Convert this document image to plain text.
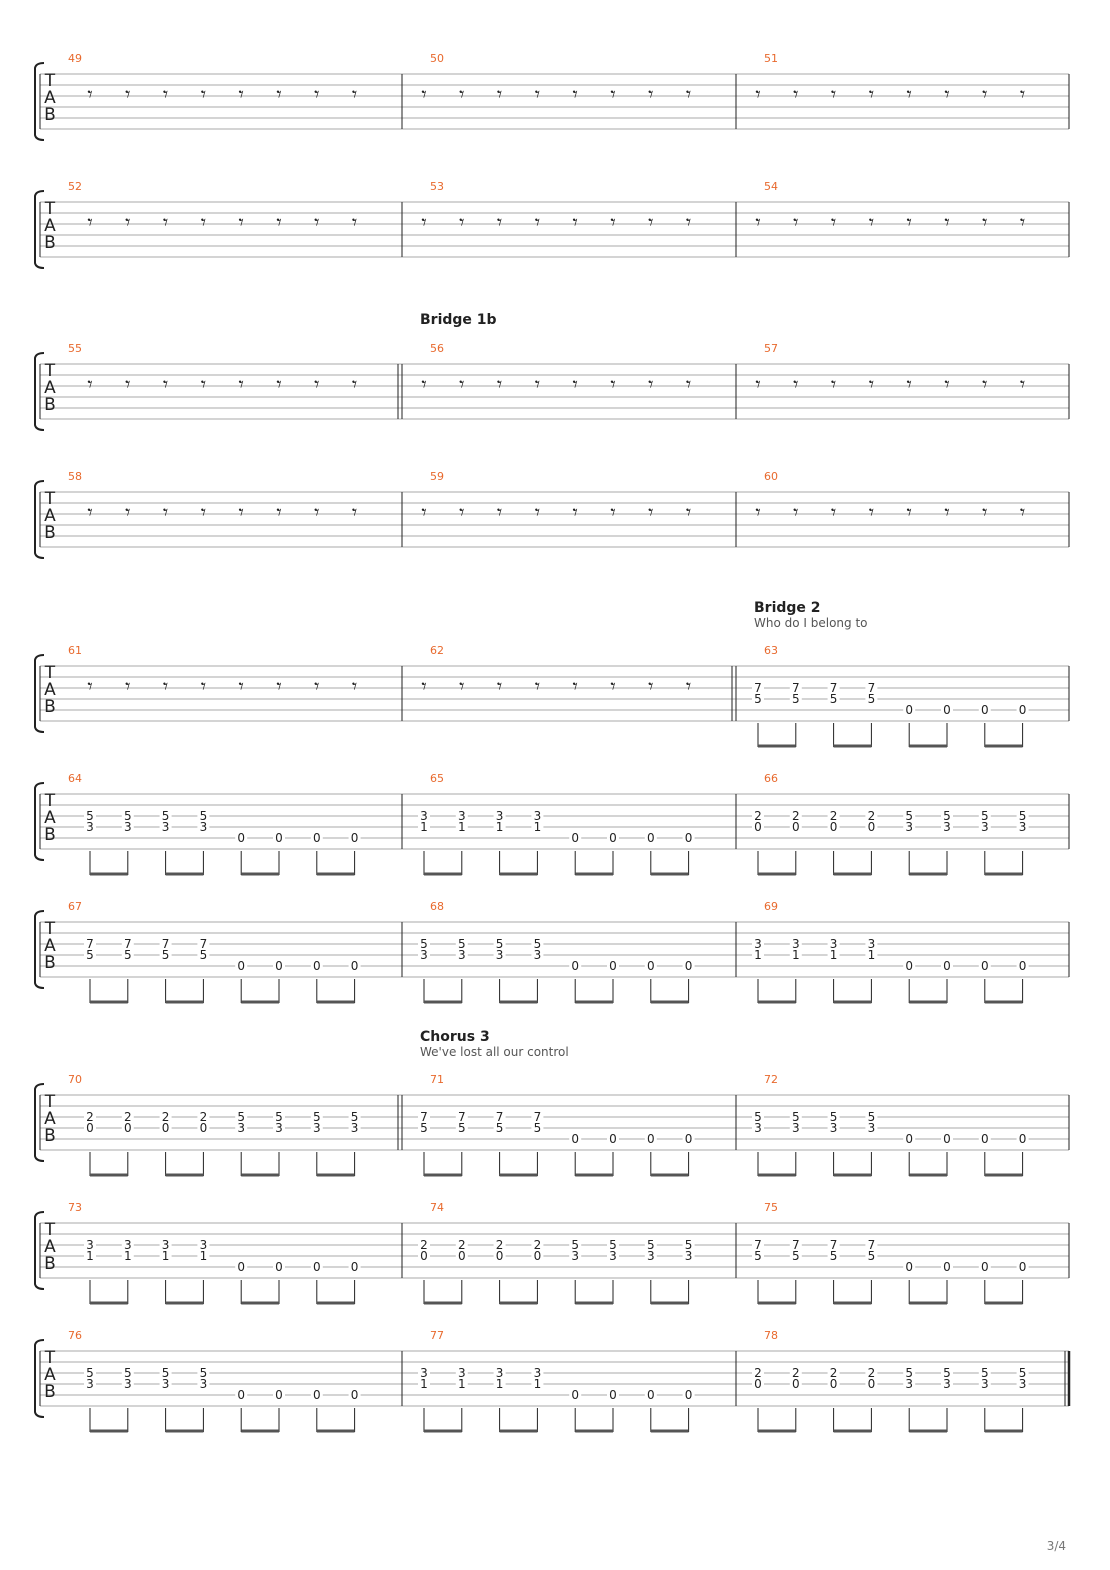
T
A
B
49
𝄾 𝄾 𝄾 𝄾 𝄾 𝄾 𝄾 𝄾
50
𝄾 𝄾 𝄾 𝄾 𝄾 𝄾 𝄾 𝄾
51
𝄾 𝄾 𝄾 𝄾 𝄾 𝄾 𝄾 𝄾
T
A
B
52
𝄾 𝄾 𝄾 𝄾 𝄾 𝄾 𝄾 𝄾
53
𝄾 𝄾 𝄾 𝄾 𝄾 𝄾 𝄾 𝄾
54
𝄾 𝄾 𝄾 𝄾 𝄾 𝄾 𝄾 𝄾
T
A
B
55
𝄾 𝄾 𝄾 𝄾 𝄾 𝄾 𝄾 𝄾
56
Bridge 1b
𝄾 𝄾 𝄾 𝄾 𝄾 𝄾 𝄾 𝄾
57
𝄾 𝄾 𝄾 𝄾 𝄾 𝄾 𝄾 𝄾
T
A
B
58
𝄾 𝄾 𝄾 𝄾 𝄾 𝄾 𝄾 𝄾
59
𝄾 𝄾 𝄾 𝄾 𝄾 𝄾 𝄾 𝄾
60
𝄾 𝄾 𝄾 𝄾 𝄾 𝄾 𝄾 𝄾
T
A
B
61
𝄾 𝄾 𝄾 𝄾 𝄾 𝄾 𝄾 𝄾
62
𝄾 𝄾 𝄾 𝄾 𝄾 𝄾 𝄾 𝄾
63
Bridge 2
Who do I belong to
7
5
7
5
7
5
7
5
0	0	0	0
T
A
B
64
5
3
5
3
5
3
5
3
0	0	0	0
65
3
1
3
1
3
1
3
1
0	0	0	0
66
2
0
2
0
2
0
2
0
5
3
5
3
5
3
5
3
T
A
B
67
7
5
7
5
7
5
7
5
0	0	0	0
68
5
3
5
3
5
3
5
3
0	0	0	0
69
3
1
3
1
3
1
3
1
0	0	0	0
T
A
B
70
2
0
2
0
2
0
2
0
5
3
5
3
5
3
5
3
71
Chorus 3
We've lost all our control
7
5
7
5
7
5
7
5
0	0	0	0
72
5
3
5
3
5
3
5
3
0	0	0	0
T
A
B
73
3
1
3
1
3
1
3
1
0	0	0	0
74
2
0
2
0
2
0
2
0
5
3
5
3
5
3
5
3
75
7
5
7
5
7
5
7
5
0	0	0	0
T
A
B
76
5
3
5
3
5
3
5
3
0	0	0	0
77
3
1
3
1
3
1
3
1
0	0	0	0
78
2
0
2
0
2
0
2
0
5
3
5
3
5
3
5
3
3/4
